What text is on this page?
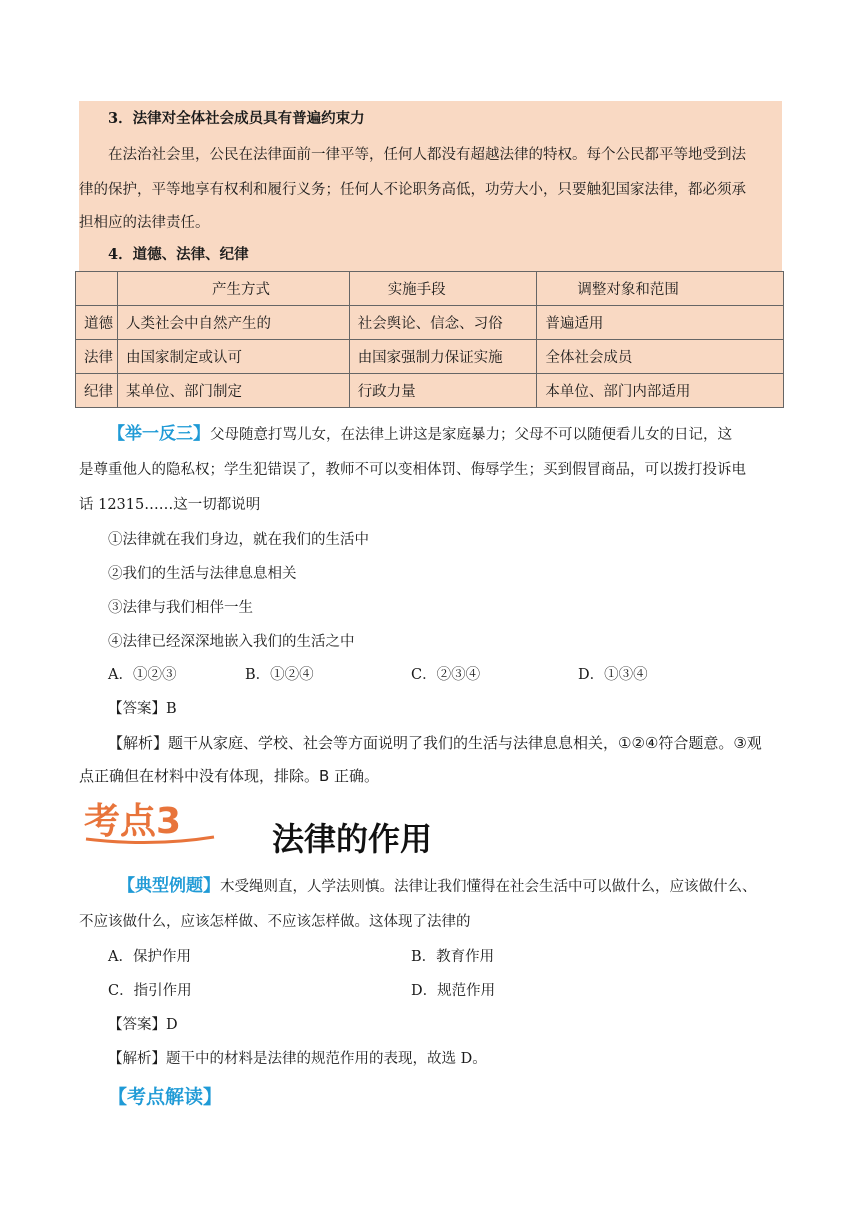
3．法律对全体社会成员具有普遍约束力
在法治社会里，公民在法律面前一律平等，任何人都没有超越法律的特权。每个公民都平等地受到法
律的保护，平等地享有权利和履行义务；任何人不论职务高低，功劳大小，只要触犯国家法律，都必须承
担相应的法律责任。
4．道德、法律、纪律
	产生方式	实施手段	调整对象和范围
道德	人类社会中自然产生的	社会舆论、信念、习俗	普遍适用
法律	由国家制定或认可	由国家强制力保证实施	全体社会成员
纪律	某单位、部门制定	行政力量	本单位、部门内部适用
【举一反三】父母随意打骂儿女，在法律上讲这是家庭暴力；父母不可以随便看儿女的日记，这
是尊重他人的隐私权；学生犯错误了，教师不可以变相体罚、侮辱学生；买到假冒商品，可以拨打投诉电
话 12315……这一切都说明
①法律就在我们身边，就在我们的生活中
②我们的生活与法律息息相关
③法律与我们相伴一生
④法律已经深深地嵌入我们的生活之中
A．①②③	B．①②④	C．②③④	D．①③④
【答案】B
【解析】题干从家庭、学校、社会等方面说明了我们的生活与法律息息相关，①②④符合题意。③观
点正确但在材料中没有体现，排除。B 正确。
考点3	法律的作用
【典型例题】木受绳则直，人学法则慎。法律让我们懂得在社会生活中可以做什么，应该做什么、
不应该做什么，应该怎样做、不应该怎样做。这体现了法律的
A．保护作用	B．教育作用
C．指引作用	D．规范作用
【答案】D
【解析】题干中的材料是法律的规范作用的表现，故选 D。
【考点解读】
